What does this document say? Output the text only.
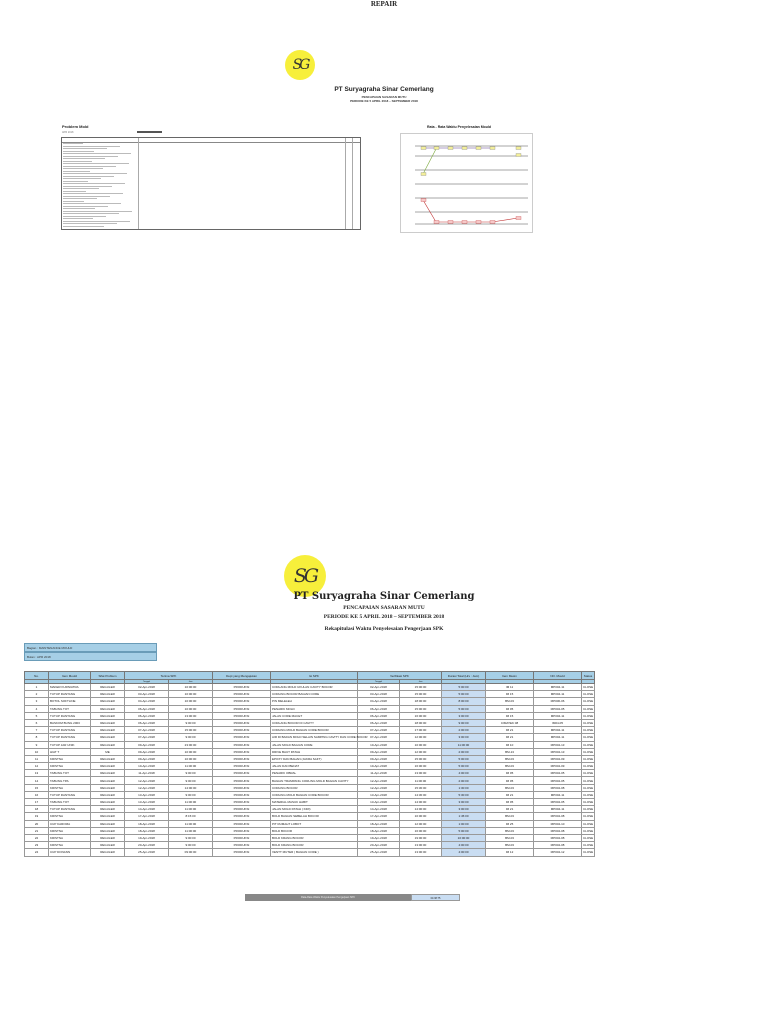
SG
PT Suryagraha Sinar Cemerlang
PENCAPAIAN SASARAN MUTU
PERIODE KE 5 APRIL 2018 – SEPTEMBER 2018
Problem Mold
APR 2018
Rata - Rata Waktu Penyelesaian Mould
SG
PT Suryagraha Sinar Cemerlang
PENCAPAIAN SASARAN MUTU
PERIODE KE 5 APRIL 2018 – SEPTEMBER 2018
Rekapitulasi Waktu Penyelesaian Pengerjaan SPK
Bagian : MAINTENANCE MOULD
Bulan : APR 2018
REPAIR
No.	Item Mould	Sifat Problem	Terima SPK		Dept yang Mengajukan	Isi SPK	Verifikasi SPK		Durasi Total (Hrs : Jam)	Item Mesin	NO. Mould	Status
			Tanggal	Jam			Tanggal	Jam				
1	MAKER KURNIATRA	REGULER	02-Apr-2018	10:00:00	PRODUKSI	CORLANG MOLD UKULAN CAVITY BOCOR	02-Apr-2018	15:00:00	5:00:00	IM 11	MP004-11	CLOSE
2	TUTUP RANTANG	REGULER	03-Apr-2018	10:00:00	PRODUKSI	CORLING BOCOR BAGIAN CORE	03-Apr-2018	15:00:00	5:00:00	IM 15	MP004-11	CLOSE
3	BOTOL SOFTLINE	REGULER	04-Apr-2018	10:00:00	PRODUKSI	PIN MELELEH	04-Apr-2018	18:00:00	8:00:00	BM-03	MP006-06	CLOSE
4	TABUNG TOT	REGULER	06-Apr-2018	10:00:00	PRODUKSI	PENARIK MOLD	06-Apr-2018	15:00:00	5:00:00	IM 05	MP004-05	CLOSE
5	TUTUP RANTANG	REGULER	06-Apr-2018	13:00:00	PRODUKSI	JALAN CORE MACET	06-Apr-2018	16:00:00	3:00:00	IM 15	MP004-11	CLOSE
6	BASKOM BUNG 2003	REGULER	06-Apr-2018	9:00:00	PRODUKSI	CORLANG BOCOR DI CAVITY	06-Apr-2018	18:00:00	9:00:00	CIMATEK 08	IM04-05	CLOSE
7	TUTUP RANTANG	REGULER	07-Apr-2018	15:00:00	PRODUKSI	CORLING MOLD BAGIAN CORE BOCOR	07-Apr-2018	17:00:00	2:00:00	IM 21	MP004-11	CLOSE
8	TUTUP RANTANG	REGULER	07-Apr-2018	9:00:00	PRODUKSI	AIR DI BADAN MOLD SELAIN SAMPING CAVITY DAN CORE BOCOR	07-Apr-2018	12:00:00	3:00:00	IM 21	MP004-11	CLOSE
9	TUTUP JAR UNIK	REGULER	09-Apr-2018	23:00:00	PRODUKSI	JALAN MOLD BAGIAN CORE	10-Apr-2018	10:00:00	11:00:00	IM 10	MP004-13	CLOSE
10	HIAT T	ME	09-Apr-2018	10:00:00	PRODUKSI	DRIVE BAUT PATAH	09-Apr-2018	12:00:00	2:00:00	BM-13	MP004-13	CLOSE
11	KRISTNA	REGULER	09-Apr-2018	10:00:00	PRODUKSI	EPOXY DAN BAHAN (JAKRA SAFT)	09-Apr-2018	15:00:00	5:00:00	BM-03	MP004-09	CLOSE
12	KRISTNA	REGULER	10-Apr-2018	11:00:00	PRODUKSI	JALAN DAN BENAT	10-Apr-2018	16:00:00	5:00:00	BM-03	MP004-09	CLOSE
13	TABUNG TOT	REGULER	11-Apr-2018	9:00:00	PRODUKSI	PENARIK OBRAL	11-Apr-2018	13:00:00	4:00:00	IM 05	MP004-05	CLOSE
14	TABUNG TPA	REGULER	12-Apr-2018	9:00:00	PRODUKSI	BAGIAN TRAMPANG CORLING MOLD BAGIAN CAVITY	12-Apr-2018	11:00:00	2:00:00	IM 05	MP004-05	CLOSE
15	KRISTNA	REGULER	12-Apr-2018	14:00:00	PRODUKSI	CORLING BOCOR	12-Apr-2018	15:30:00	1:30:00	BM-03	MP004-08	CLOSE
16	TUTUP RANTANG	REGULER	13-Apr-2018	9:00:00	PRODUKSI	CORLING MOLD BAGIAN CORE BOCOR	13-Apr-2018	14:30:00	5:30:00	IM 21	MP004-11	CLOSE
17	TABUNG TOT	REGULER	13-Apr-2018	11:00:00	PRODUKSI	MATERIAL MASUK HABIT	13-Apr-2018	14:00:00	3:00:00	IM 05	MP004-05	CLOSE
18	TUTUP RANTANG	REGULER	14-Apr-2018	11:00:00	PRODUKSI	JALAN MOLD PATAH ( KIRI)	14-Apr-2018	14:00:00	3:00:00	IM 21	MP004-11	CLOSE
19	KRISTNA	REGULER	17-Apr-2018	8:15:00	PRODUKSI	BOLD BAGIAN SEBELAH BOCOR	17-Apr-2018	10:00:00	1:45:00	BM-03	MP004-08	CLOSE
20	CUP KAROMA	REGULER	18-Apr-2018	11:00:00	PRODUKSI	PIT RUMAHT LOBOT	18-Apr-2018	12:00:00	1:00:00	IM 25	MP004-10	CLOSE
21	KRISTNA	REGULER	18-Apr-2018	11:00:00	PRODUKSI	BOLD BOCOR	18-Apr-2018	16:00:00	5:00:00	BM-03	MP004-08	CLOSE
22	KRISTNA	REGULER	19-Apr-2018	9:00:00	PRODUKSI	BOLD KRANG BOCOR	19-Apr-2018	19:00:00	10:00:00	BM-03	MP004-08	CLOSE
23	KRISTNA	REGULER	20-Apr-2018	9:00:00	PRODUKSI	BOLD KRANG BOCOR	20-Apr-2018	13:00:00	4:00:00	BM-03	MP004-08	CLOSE
24	CUP DONANN	REGULER	25-Apr-2018	09:00:00	PRODUKSI	VENTT MUTER ( BAGIAN CORE )	25-Apr-2018	13:00:00	4:00:00	IM 12	MP004-12	CLOSE
Rata-Rata Waktu Penyelesaian Pengerjaan SPK	04:38:75
